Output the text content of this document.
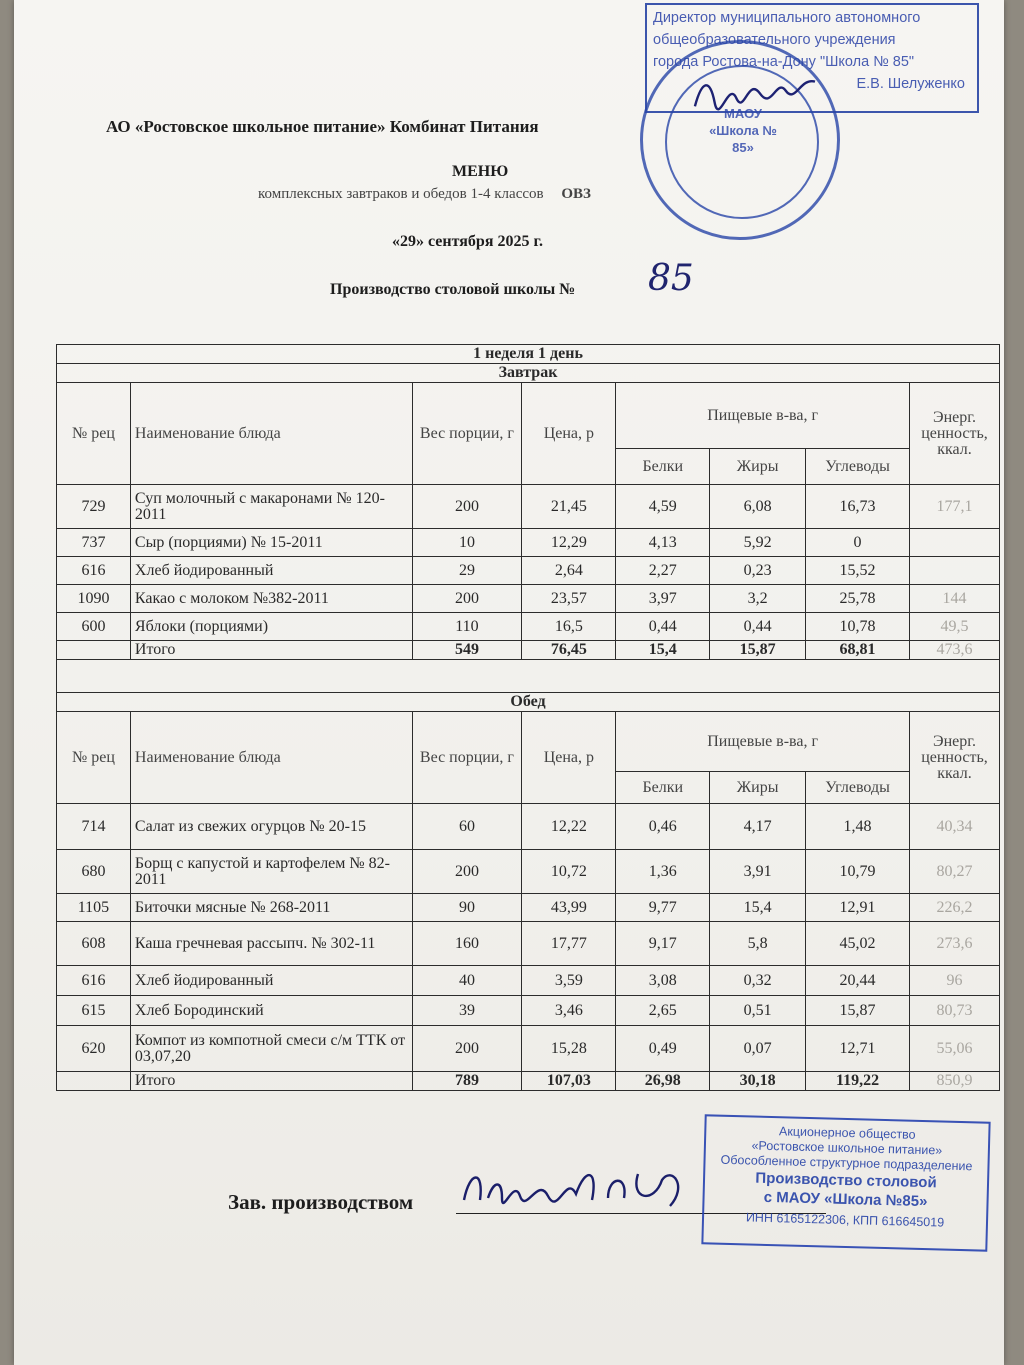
АО «Ростовское школьное питание» Комбинат Питания
МЕНЮ
комплексных завтраков и обедов 1-4 классов ОВЗ
«29» сентября 2025 г.
Производство столовой школы № 85
Директор муниципального автономного
общеобразовательного учреждения
города Ростова-на-Дону "Школа № 85"
Е.В. Шелуженко
МАОУ «Школа № 85»
1 неделя 1 день							
Завтрак							
№ рец	Наименование блюда	Вес порции, г	Цена, р	Пищевые в-ва, г			Энерг. ценность, ккал.
				Белки	Жиры	Углеводы	
729	Суп молочный с макаронами № 120-2011	200	21,45	4,59	6,08	16,73	177,1
737	Сыр (порциями) № 15-2011	10	12,29	4,13	5,92	0	
616	Хлеб йодированный	29	2,64	2,27	0,23	15,52	
1090	Какао с молоком №382-2011	200	23,57	3,97	3,2	25,78	144
600	Яблоки (порциями)	110	16,5	0,44	0,44	10,78	49,5
	Итого	549	76,45	15,4	15,87	68,81	473,6

Обед							
№ рец	Наименование блюда	Вес порции, г	Цена, р	Пищевые в-ва, г			Энерг. ценность, ккал.
				Белки	Жиры	Углеводы	
714	Салат из свежих огурцов № 20-15	60	12,22	0,46	4,17	1,48	40,34
680	Борщ с капустой и картофелем № 82-2011	200	10,72	1,36	3,91	10,79	80,27
1105	Биточки мясные № 268-2011	90	43,99	9,77	15,4	12,91	226,2
608	Каша гречневая рассыпч. № 302-11	160	17,77	9,17	5,8	45,02	273,6
616	Хлеб йодированный	40	3,59	3,08	0,32	20,44	96
615	Хлеб Бородинский	39	3,46	2,65	0,51	15,87	80,73
620	Компот из компотной смеси с/м ТТК от 03,07,20	200	15,28	0,49	0,07	12,71	55,06
	Итого	789	107,03	26,98	30,18	119,22	850,9
Зав. производством
Акционерное общество
«Ростовское школьное питание»
Обособленное структурное подразделение
Производство столовой
с МАОУ «Школа №85»
ИНН 6165122306, КПП 616645019
